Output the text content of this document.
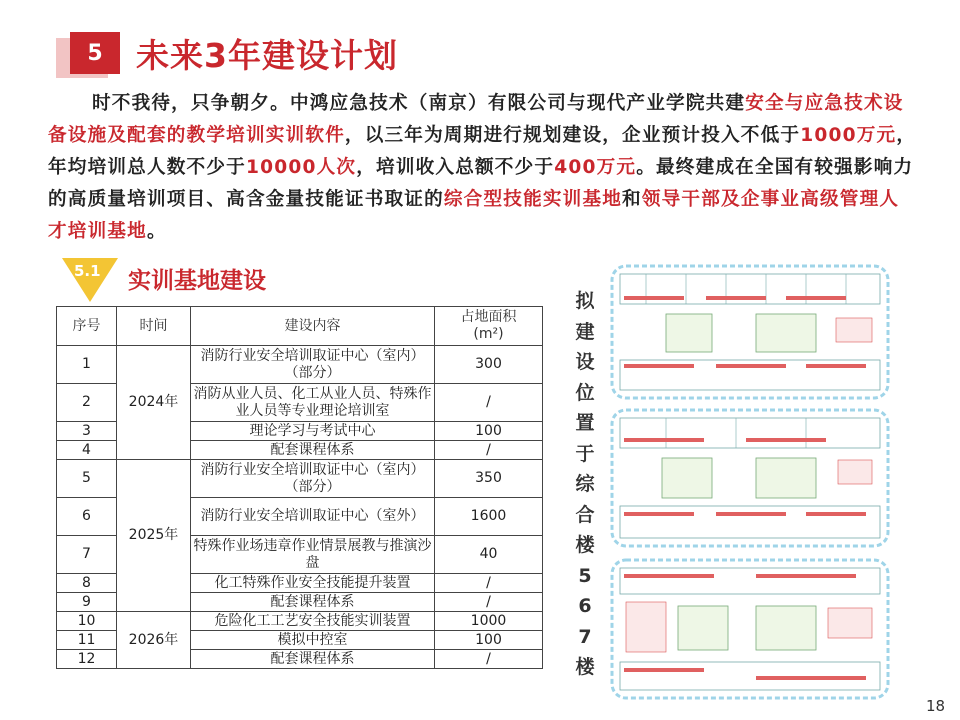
5	未来3年建设计划
时不我待，只争朝夕。中鸿应急技术（南京）有限公司与现代产业学院共建安全与应急技术设备设施及配套的教学培训实训软件，以三年为周期进行规划建设，企业预计投入不低于1000万元，年均培训总人数不少于10000人次，培训收入总额不少于400万元。最终建成在全国有较强影响力的高质量培训项目、高含金量技能证书取证的综合型技能实训基地和领导干部及企事业高级管理人才培训基地。
5.1 实训基地建设
序号	时间	建设内容	占地面积
(m²)
1	2024年	消防行业安全培训取证中心（室内）（部分）	300
2		消防从业人员、化工从业人员、特殊作业人员等专业理论培训室	/
3		理论学习与考试中心	100
4		配套课程体系	/
5	2025年	消防行业安全培训取证中心（室内）（部分）	350
6		消防行业安全培训取证中心（室外）	1600
7		特殊作业场违章作业情景展教与推演沙盘	40
8		化工特殊作业安全技能提升装置	/
9		配套课程体系	/
10	2026年	危险化工工艺安全技能实训装置	1000
11		模拟中控室	100
12		配套课程体系	/
拟
建
设
位
置
于
综
合
楼
5
6
7
楼
18
